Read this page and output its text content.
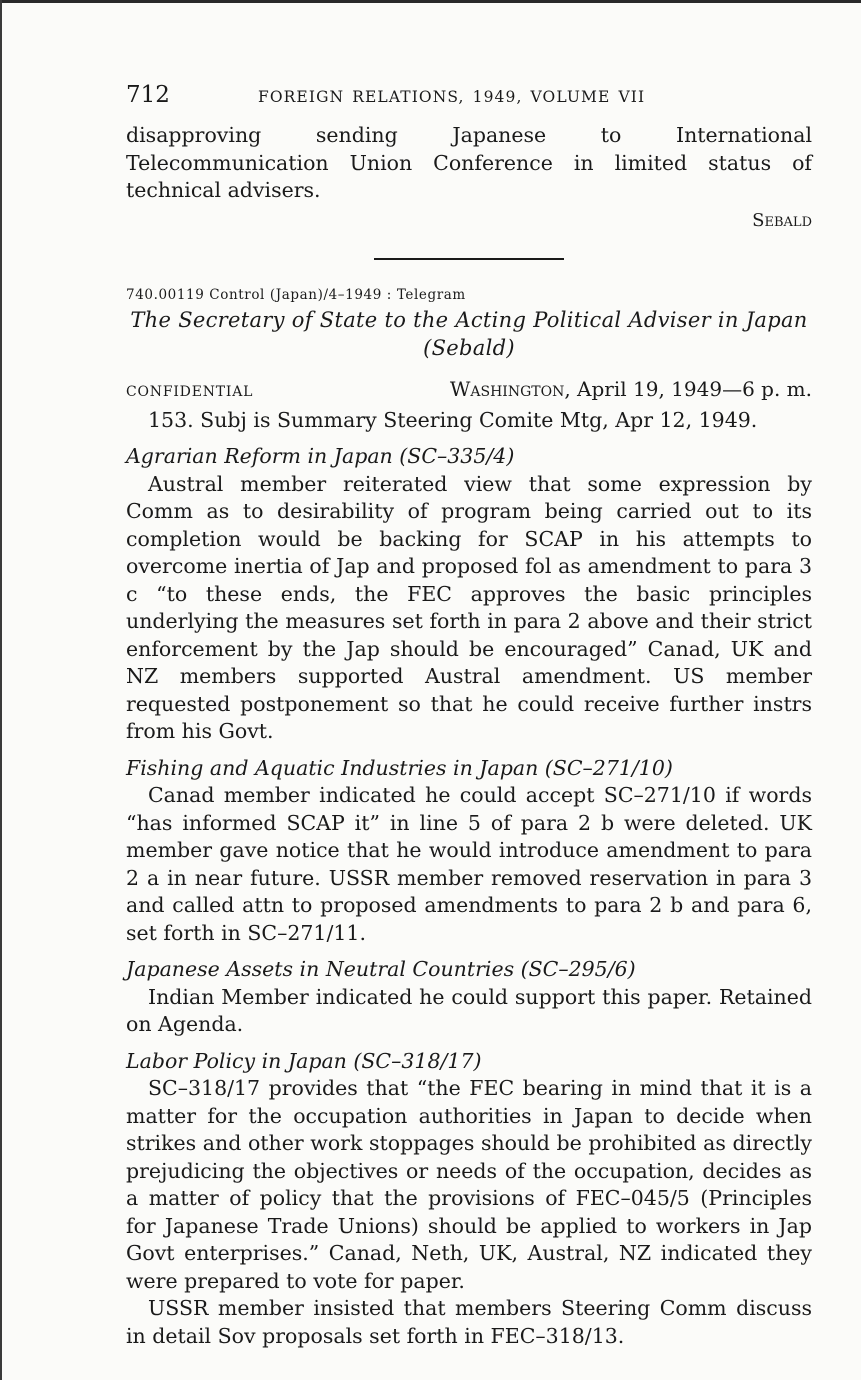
712	FOREIGN RELATIONS, 1949, VOLUME VII

disapproving sending Japanese to International Telecommunication Union Conference in limited status of technical advisers.

Sebald
740.00119 Control (Japan)/4–1949 : Telegram
The Secretary of State to the Acting Political Adviser in Japan
(Sebald)
CONFIDENTIAL	Washington, April 19, 1949—6 p. m.

153. Subj is Summary Steering Comite Mtg, Apr 12, 1949.

Agrarian Reform in Japan (SC–335/4)

Austral member reiterated view that some expression by Comm as to desirability of program being carried out to its completion would be backing for SCAP in his attempts to overcome inertia of Jap and proposed fol as amendment to para 3 c “to these ends, the FEC approves the basic principles underlying the measures set forth in para 2 above and their strict enforcement by the Jap should be encouraged” Canad, UK and NZ members supported Austral amendment. US member requested postponement so that he could receive further instrs from his Govt.

Fishing and Aquatic Industries in Japan (SC–271/10)

Canad member indicated he could accept SC–271/10 if words “has informed SCAP it” in line 5 of para 2 b were deleted. UK member gave notice that he would introduce amendment to para 2 a in near future. USSR member removed reservation in para 3 and called attn to proposed amendments to para 2 b and para 6, set forth in SC–271/11.

Japanese Assets in Neutral Countries (SC–295/6)

Indian Member indicated he could support this paper. Retained on Agenda.

Labor Policy in Japan (SC–318/17)

SC–318/17 provides that “the FEC bearing in mind that it is a matter for the occupation authorities in Japan to decide when strikes and other work stoppages should be prohibited as directly prejudicing the objectives or needs of the occupation, decides as a matter of policy that the provisions of FEC–045/5 (Principles for Japanese Trade Unions) should be applied to workers in Jap Govt enterprises.” Canad, Neth, UK, Austral, NZ indicated they were prepared to vote for paper.

USSR member insisted that members Steering Comm discuss in detail Sov proposals set forth in FEC–318/13.
